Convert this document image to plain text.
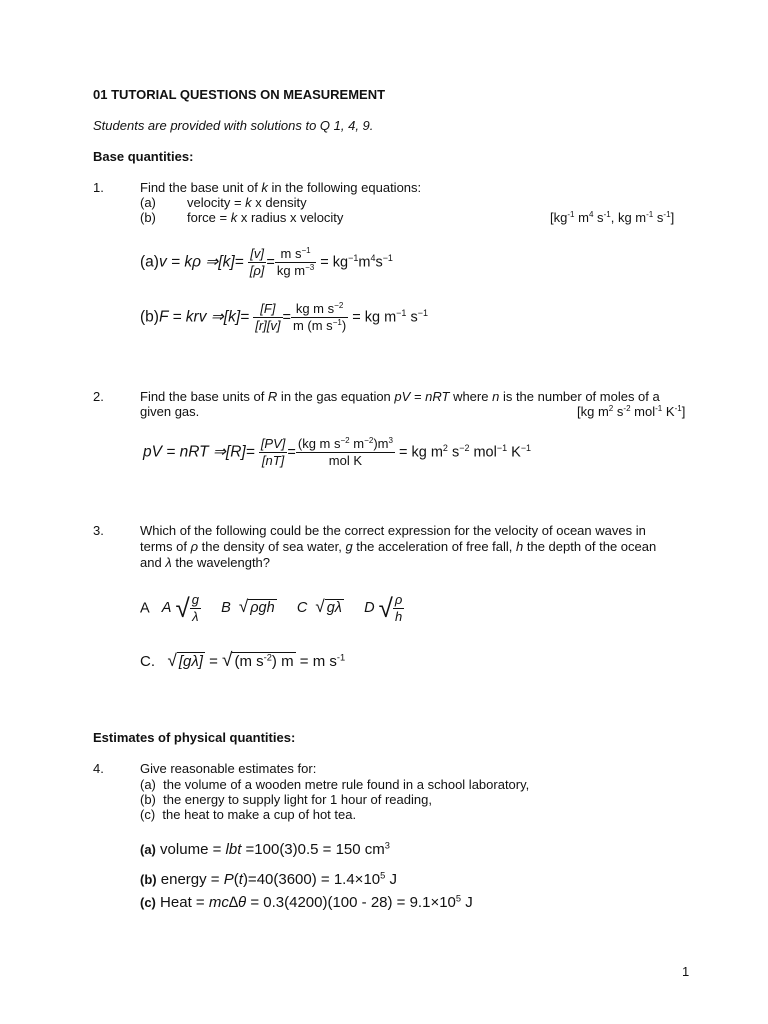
01 TUTORIAL QUESTIONS ON MEASUREMENT
Students are provided with solutions to Q 1, 4, 9.
Base quantities:
1.	Find the base unit of k in the following equations:
(a) velocity = k x density
(b) force = k x radius x velocity	[$kg^{-1}$ $m^4$ $s^{-1}$, kg $m^{-1}$ $s^{-1}$]
(a)v = kρ ⇒[k]= $\frac{[v]}{[\rho]} = \frac{m s^{-1}}{kg m^{-3}} = kg^{-1}m^4s^{-1}$
(b)F = krv ⇒[k]= $\frac{[F]}{[r][v]} = \frac{kg m s^{-2}}{m (m s^{-1})}$ = kg $m^{-1}$ $s^{-1}$
2.	Find the base units of R in the gas equation pV = nRT where n is the number of moles of a
given gas.	[kg $m^2$ $s^{-2}$ mol$^{-1}$ $K^{-1}$]
pV = nRT ⇒[R]= $\frac{[PV]}{[nT]} = \frac{(kg m s^{-2} m^{-2})m^3}{\text{mol K}}$ = kg $m^2$ $s^{-2}$ mol$^{-1}$ $K^{-1}$
3.	Which of the following could be the correct expression for the velocity of ocean waves in
terms of ρ the density of sea water, g the acceleration of free fall, h the depth of the ocean
and λ the wavelength?
A A √ $\frac{g}{\lambda}$ B √ ρgh C √ gλ D √ $\frac{\rho}{h}$
C. √ [gλ] = √ (m $s^{-2}$) m = m $s^{-1}$
Estimates of physical quantities:
4.	Give reasonable estimates for:
(a) the volume of a wooden metre rule found in a school laboratory,
(b) the energy to supply light for 1 hour of reading,
(c) the heat to make a cup of hot tea.
(a) volume = lbt =100(3)0.5 = 150 $cm^3$
(b) energy = $P(t)=40(3600) = 1.4\times 10^5$ J
(c) Heat = $mc\Delta\theta = 0.3(4200)(100 - 28) = 9.1\times 10^5$ J
1
